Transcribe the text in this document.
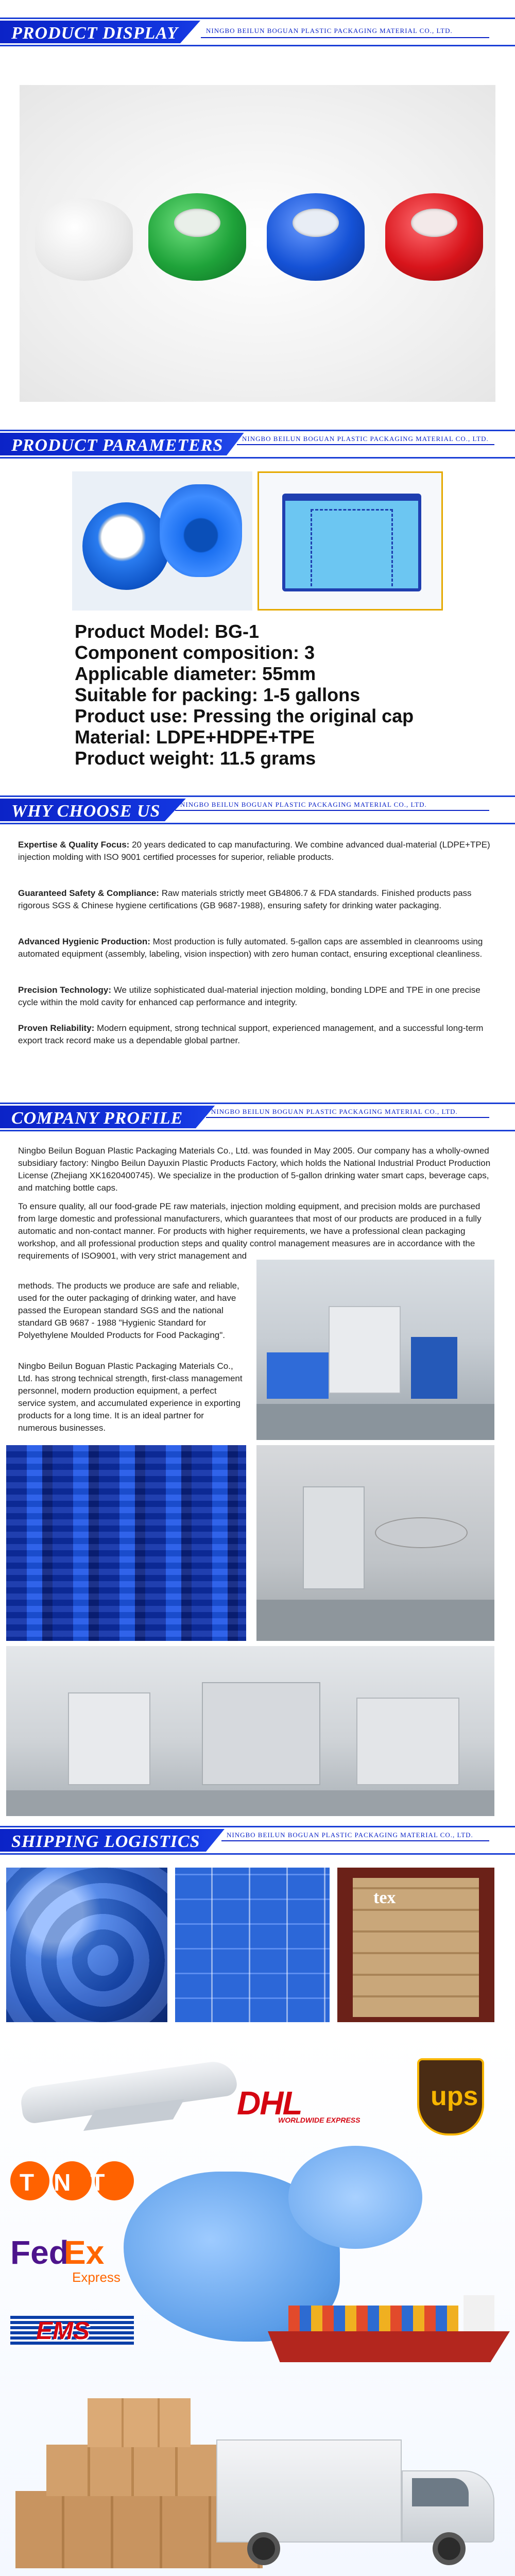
PRODUCT DISPLAY	NINGBO BEILUN BOGUAN PLASTIC PACKAGING MATERIAL CO., LTD.
PRODUCT PARAMETERS	NINGBO BEILUN BOGUAN PLASTIC PACKAGING MATERIAL CO., LTD.
Product Model: BG-1
Component composition: 3
Applicable diameter: 55mm
Suitable for packing: 1-5 gallons
Product use: Pressing the original cap
Material: LDPE+HDPE+TPE
Product weight: 11.5 grams
WHY CHOOSE US	NINGBO BEILUN BOGUAN PLASTIC PACKAGING MATERIAL CO., LTD.

Expertise & Quality Focus: 20 years dedicated to cap manufacturing. We combine advanced dual-material (LDPE+TPE) injection molding with ISO 9001 certified processes for superior, reliable products.

Guaranteed Safety & Compliance: Raw materials strictly meet GB4806.7 & FDA standards. Finished products pass rigorous SGS & Chinese hygiene certifications (GB 9687-1988), ensuring safety for drinking water packaging.

Advanced Hygienic Production: Most production is fully automated. 5-gallon caps are assembled in cleanrooms using automated equipment (assembly, labeling, vision inspection) with zero human contact, ensuring exceptional cleanliness.

Precision Technology: We utilize sophisticated dual-material injection molding, bonding LDPE and TPE in one precise cycle within the mold cavity for enhanced cap performance and integrity.

Proven Reliability: Modern equipment, strong technical support, experienced management, and a successful long-term export track record make us a dependable global partner.

COMPANY PROFILE	NINGBO BEILUN BOGUAN PLASTIC PACKAGING MATERIAL CO., LTD.

Ningbo Beilun Boguan Plastic Packaging Materials Co., Ltd. was founded in May 2005. Our company has a wholly-owned subsidiary factory: Ningbo Beilun Dayuxin Plastic Products Factory, which holds the National Industrial Product Production License (Zhejiang XK1620400745). We specialize in the production of 5-gallon drinking water smart caps, beverage caps, and matching bottle caps.

To ensure quality, all our food-grade PE raw materials, injection molding equipment, and precision molds are purchased from large domestic and professional manufacturers, which guarantees that most of our products are produced in a fully automatic and non-contact manner. For products with higher requirements, we have a professional clean packaging workshop, and all professional production steps and quality control management measures are in accordance with the requirements of ISO9001, with very strict management and

methods. The products we produce are safe and reliable, used for the outer packaging of drinking water, and have passed the European standard SGS and the national standard GB 9687 - 1988 "Hygienic Standard for Polyethylene Moulded Products for Food Packaging".

Ningbo Beilun Boguan Plastic Packaging Materials Co., Ltd. has strong technical strength, first-class management personnel, modern production equipment, a perfect service system, and accumulated experience in exporting products for a long time. It is an ideal partner for numerous businesses.

SHIPPING LOGISTICS	NINGBO BEILUN BOGUAN PLASTIC PACKAGING MATERIAL CO., LTD.
tex
DHL
WORLDWIDE EXPRESS
ups
TNT
Fed
Ex
Express
EMS
